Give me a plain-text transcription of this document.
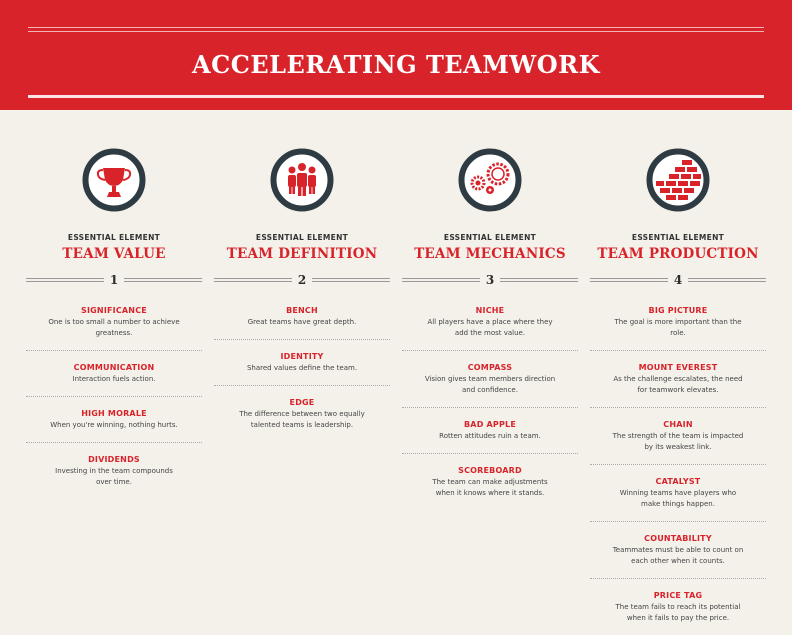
ACCELERATING TEAMWORK
ESSENTIAL ELEMENT
TEAM VALUE
1
SIGNIFICANCE
One is too small a number to achieve greatness.
COMMUNICATION
Interaction fuels action.
HIGH MORALE
When you're winning, nothing hurts.
DIVIDENDS
Investing in the team compounds over time.
ESSENTIAL ELEMENT
TEAM DEFINITION
2
BENCH
Great teams have great depth.
IDENTITY
Shared values define the team.
EDGE
The difference between two equally talented teams is leadership.
ESSENTIAL ELEMENT
TEAM MECHANICS
3
NICHE
All players have a place where they add the most value.
COMPASS
Vision gives team members direction and confidence.
BAD APPLE
Rotten attitudes ruin a team.
SCOREBOARD
The team can make adjustments when it knows where it stands.
ESSENTIAL ELEMENT
TEAM PRODUCTION
4
BIG PICTURE
The goal is more important than the role.
MOUNT EVEREST
As the challenge escalates, the need for teamwork elevates.
CHAIN
The strength of the team is impacted by its weakest link.
CATALYST
Winning teams have players who make things happen.
COUNTABILITY
Teammates must be able to count on each other when it counts.
PRICE TAG
The team fails to reach its potential when it fails to pay the price.
